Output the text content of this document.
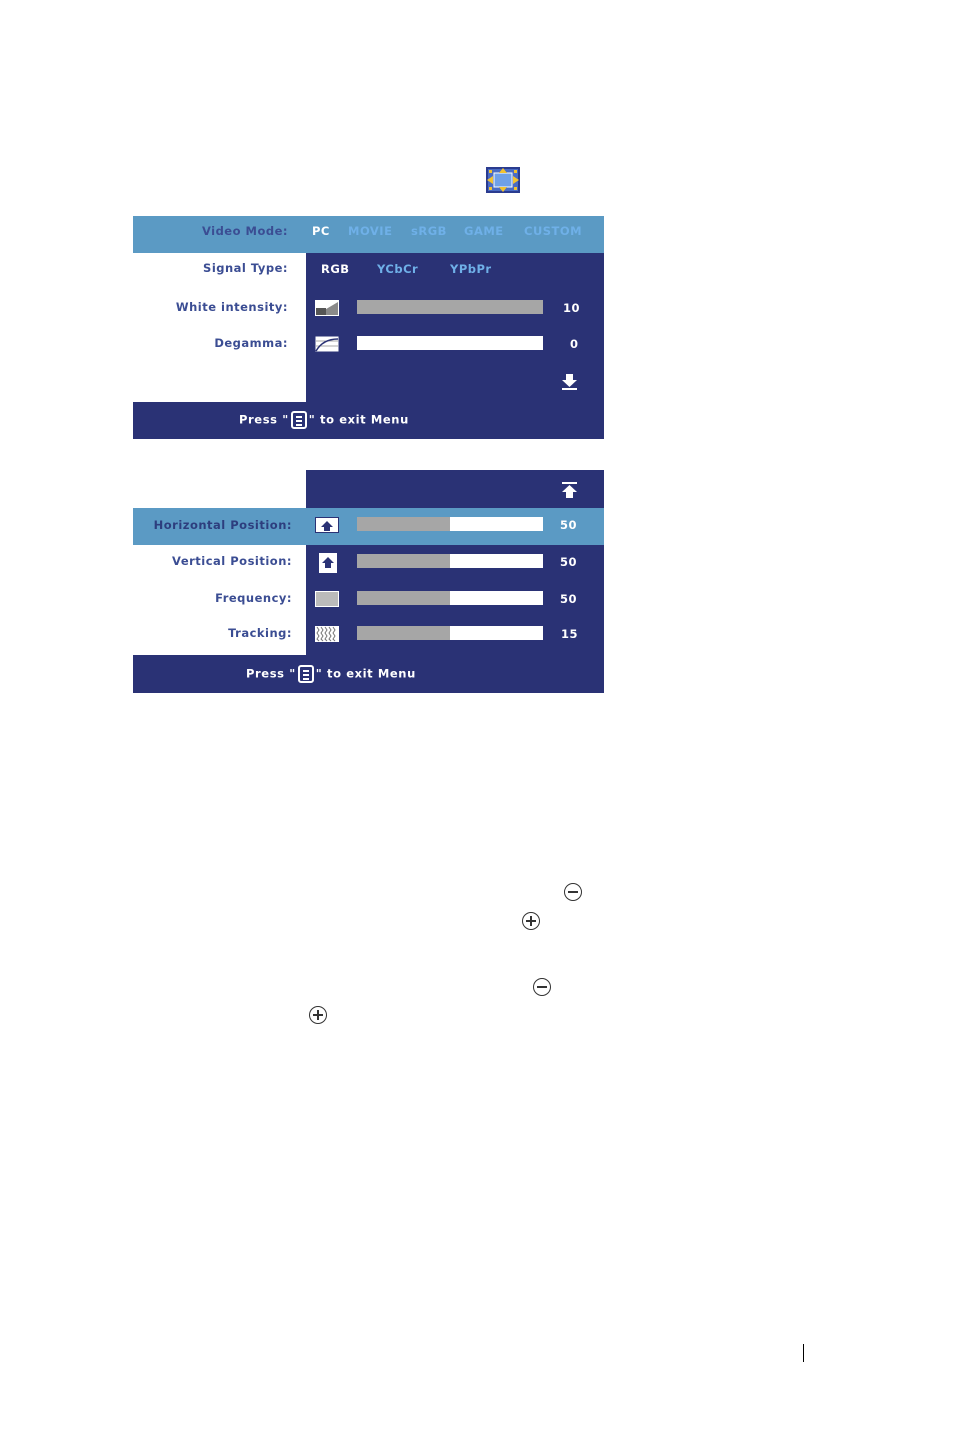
Video Mode: PC MOVIE sRGB GAME CUSTOM
Signal Type:	RGB YCbCr	YPbPr
White intensity:	10
Degamma:	0
Press " " to exit Menu
Horizontal Position:	50
Vertical Position:	50
Frequency:	50
Tracking:	15
Press " " to exit Menu
